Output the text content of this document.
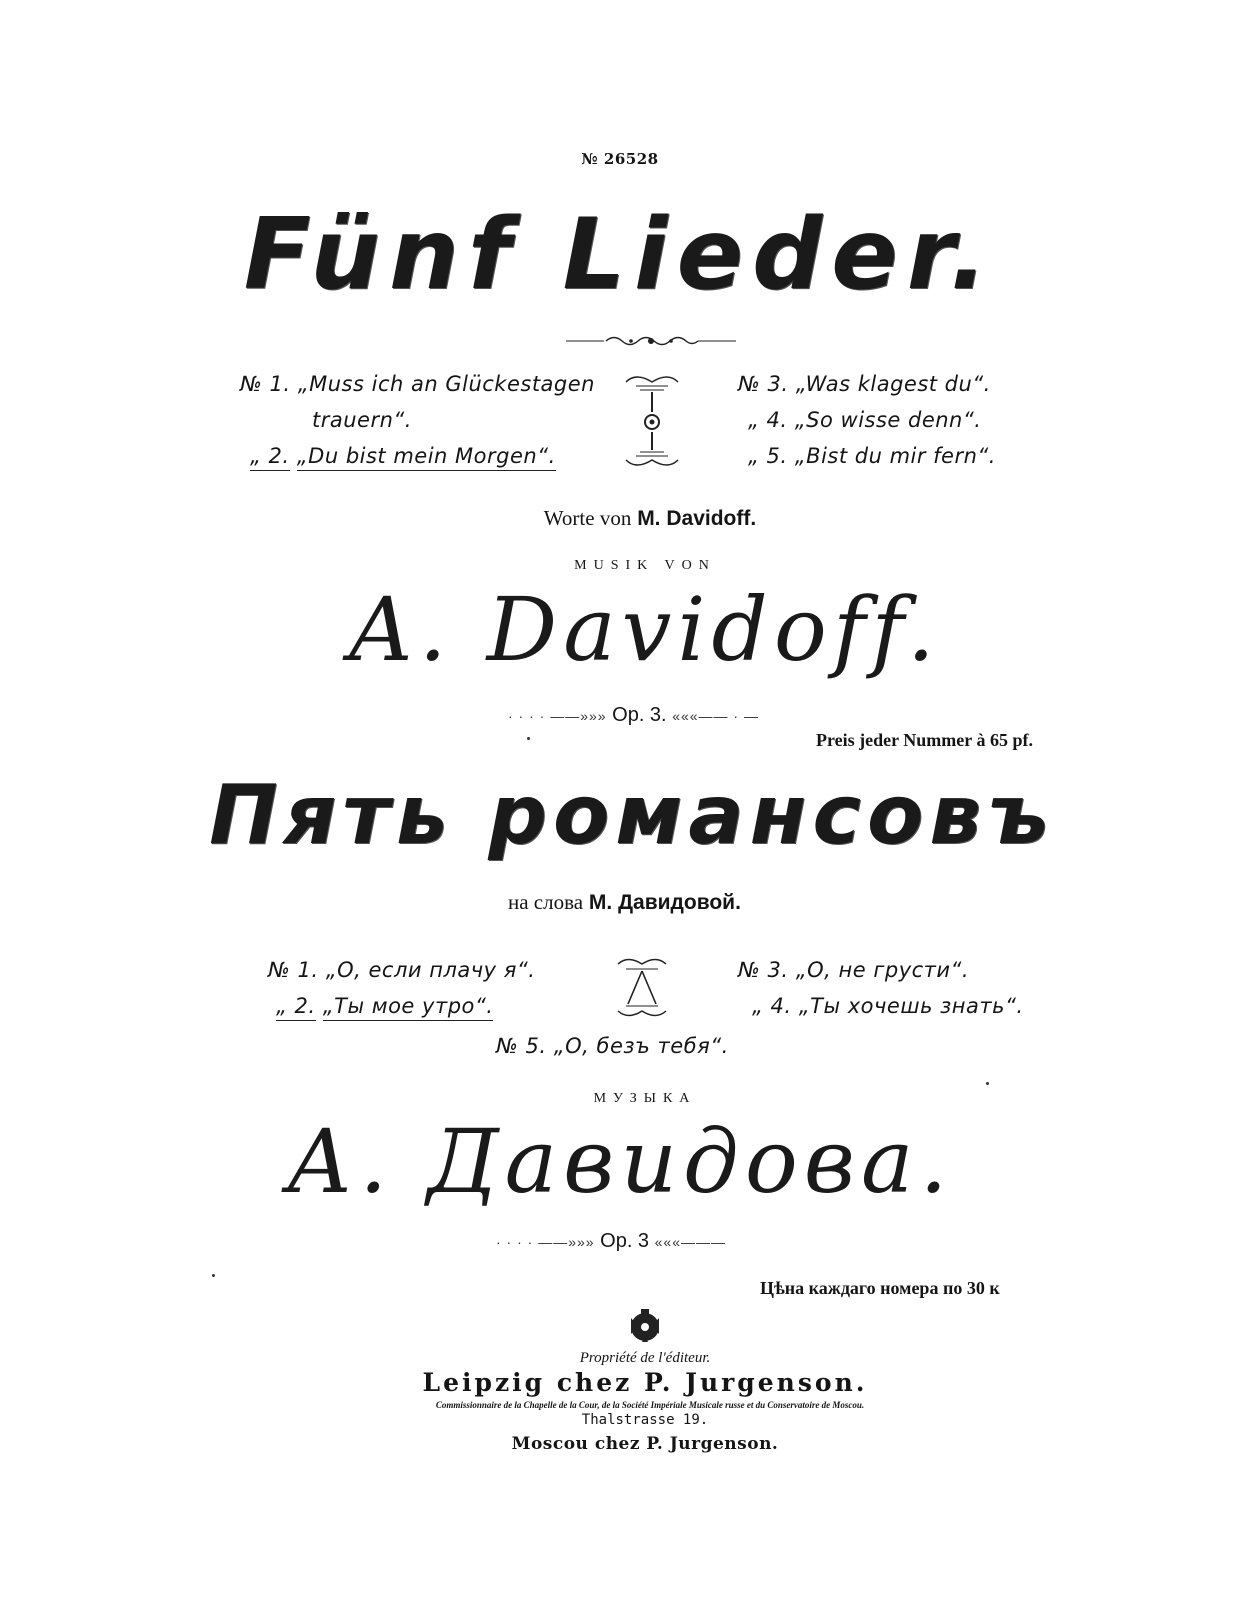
№ 26528
Fünf Lieder.
№ 1. „Muss ich an Glückestagen
trauern“.
„ 2. „Du bist mein Morgen“.
№ 3. „Was klagest du“.
„ 4. „So wisse denn“.
„ 5. „Bist du mir fern“.
Worte von M. Davidoff.
MUSIK VON
A. Davidoff.
· · · · ——»»» Op. 3. «««—— · —
Preis jeder Nummer à 65 pf.
Пять романсовъ
на слова М. Давидовой.
№ 1. „О, если плачу я“.
„ 2. „Ты мое утро“.
№ 3. „О, не грусти“.
„ 4. „Ты хочешь знать“.
№ 5. „О, безъ тебя“.
МУЗЫКА
А. Давидова.
· · · · ——»»» Op. 3 «««———
Цѣна каждаго номера по 30 к
Propriété de l'éditeur.
Leipzig chez P. Jurgenson.
Commissionnaire de la Chapelle de la Cour, de la Société Impériale Musicale russe et du Conservatoire de Moscou.
Thalstrasse 19.
Moscou chez P. Jurgenson.
